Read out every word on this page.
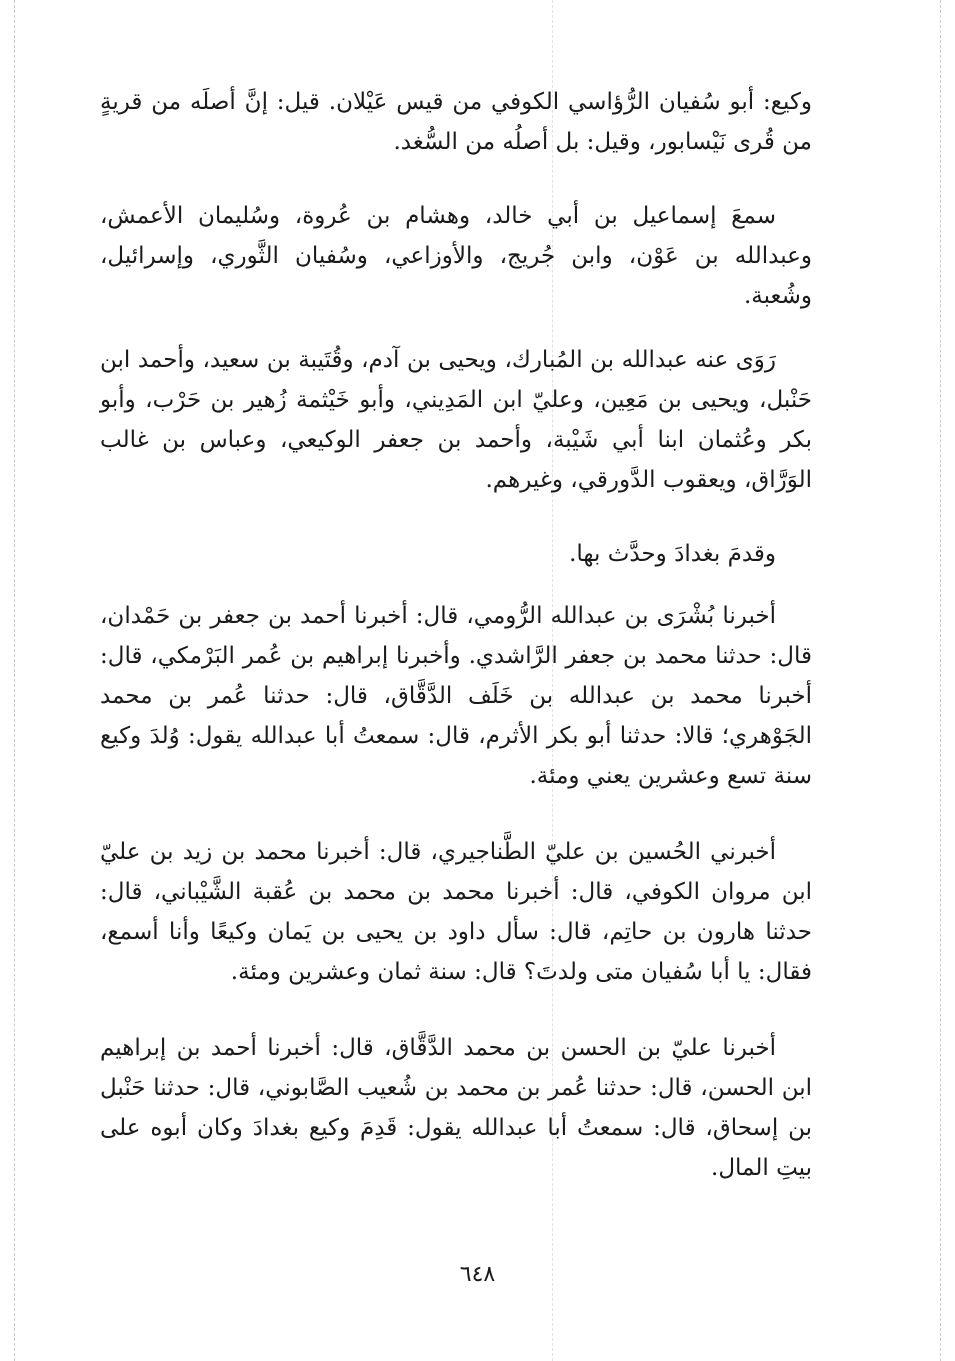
وكيع: أبو سُفيان الرُّؤاسي الكوفي من قيس عَيْلان. قيل: إنَّ أصلَه من قريةٍ من قُرى نَيْسابور، وقيل: بل أصلُه من السُّغد.

سمعَ إسماعيل بن أبي خالد، وهشام بن عُروة، وسُليمان الأعمش، وعبدالله بن عَوْن، وابن جُريج، والأوزاعي، وسُفيان الثَّوري، وإسرائيل، وشُعبة.

رَوَى عنه عبدالله بن المُبارك، ويحيى بن آدم، وقُتَيبة بن سعيد، وأحمد ابن حَنْبل، ويحيى بن مَعِين، وعليّ ابن المَدِيني، وأبو خَيْثمة زُهير بن حَرْب، وأبو بكر وعُثمان ابنا أبي شَيْبة، وأحمد بن جعفر الوكيعي، وعباس بن غالب الوَرَّاق، ويعقوب الدَّورقي، وغيرهم.

وقدمَ بغدادَ وحدَّث بها.

أخبرنا بُشْرَى بن عبدالله الرُّومي، قال: أخبرنا أحمد بن جعفر بن حَمْدان، قال: حدثنا محمد بن جعفر الرَّاشدي. وأخبرنا إبراهيم بن عُمر البَرْمكي، قال: أخبرنا محمد بن عبدالله بن خَلَف الدَّقَّاق، قال: حدثنا عُمر بن محمد الجَوْهري؛ قالا: حدثنا أبو بكر الأثرم، قال: سمعتُ أبا عبدالله يقول: وُلدَ وكيع سنة تسع وعشرين يعني ومئة.

أخبرني الحُسين بن عليّ الطَّناجيري، قال: أخبرنا محمد بن زيد بن عليّ ابن مروان الكوفي، قال: أخبرنا محمد بن محمد بن عُقبة الشَّيْباني، قال: حدثنا هارون بن حاتِم، قال: سأل داود بن يحيى بن يَمان وكيعًا وأنا أسمع، فقال: يا أبا سُفيان متى ولدتَ؟ قال: سنة ثمان وعشرين ومئة.

أخبرنا عليّ بن الحسن بن محمد الدَّقَّاق، قال: أخبرنا أحمد بن إبراهيم ابن الحسن، قال: حدثنا عُمر بن محمد بن شُعيب الصَّابوني، قال: حدثنا حَنْبل بن إسحاق، قال: سمعتُ أبا عبدالله يقول: قَدِمَ وكيع بغدادَ وكان أبوه على بيتِ المال.

٦٤٨
